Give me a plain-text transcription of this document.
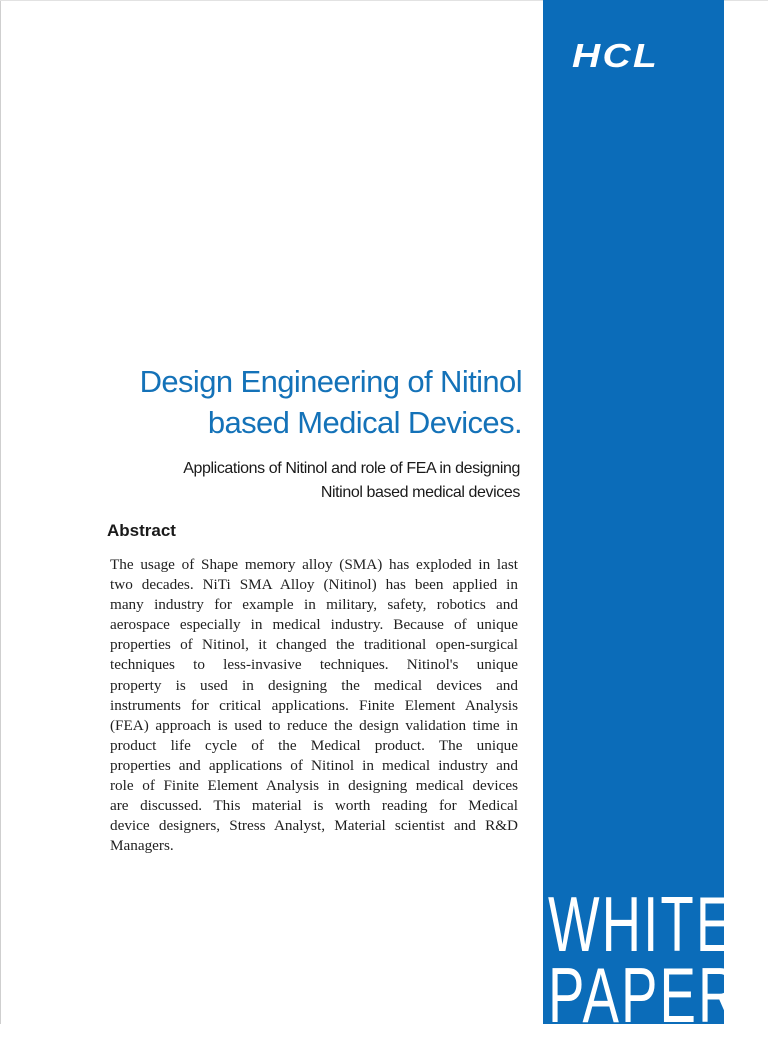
HCL
Design Engineering of Nitinol
based Medical Devices.

Applications of Nitinol and role of FEA in designing
Nitinol based medical devices

Abstract

The usage of Shape memory alloy (SMA) has exploded in last
two decades. NiTi SMA Alloy (Nitinol) has been applied in
many industry for example in military, safety, robotics and
aerospace especially in medical industry. Because of unique
properties of Nitinol, it changed the traditional open-surgical
techniques to less-invasive techniques. Nitinol's unique
property is used in designing the medical devices and
instruments for critical applications. Finite Element Analysis
(FEA) approach is used to reduce the design validation time in
product life cycle of the Medical product. The unique
properties and applications of Nitinol in medical industry and
role of Finite Element Analysis in designing medical devices
are discussed. This material is worth reading for Medical
device designers, Stress Analyst, Material scientist and R&D
Managers.

WHITE
PAPER
